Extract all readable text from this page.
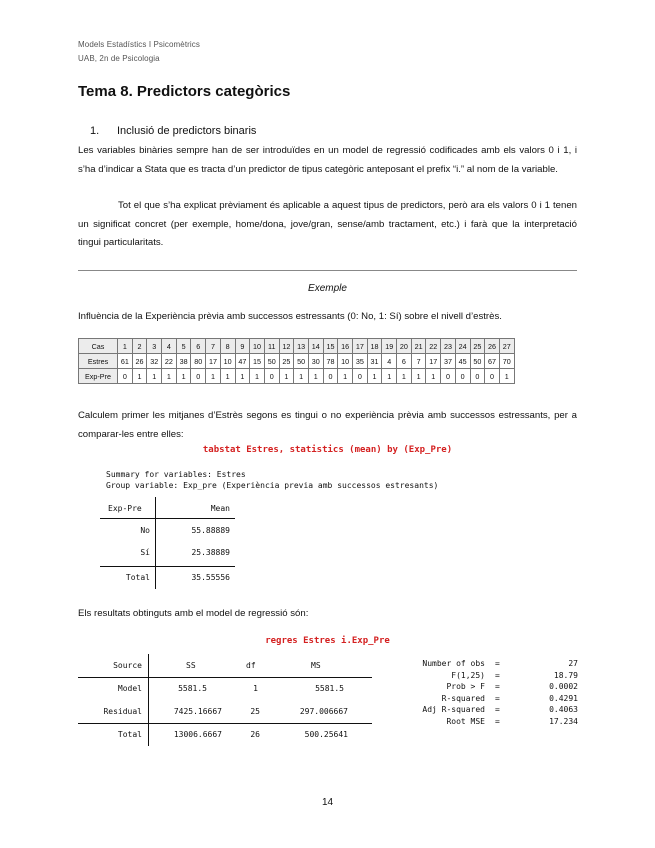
Models Estadístics I Psicomètrics
UAB, 2n de Psicologia
Tema 8. Predictors categòrics
1. Inclusió de predictors binaris
Les variables binàries sempre han de ser introduïdes en un model de regressió codificades amb els valors 0 i 1, i s’ha d’indicar a Stata que es tracta d’un predictor de tipus categòric anteposant el prefix “i.” al nom de la variable.
Tot el que s’ha explicat prèviament és aplicable a aquest tipus de predictors, però ara els valors 0 i 1 tenen un significat concret (per exemple, home/dona, jove/gran, sense/amb tractament, etc.) i farà que la interpretació tingui particularitats.
Exemple
Influència de la Experiència prèvia amb successos estressants (0: No, 1: Sí) sobre el nivell d’estrès.
Cas	1	2	3	4	5	6	7	8	9	10	11	12	13	14	15	16	17	18	19	20	21	22	23	24	25	26	27
Estres	61	26	32	22	38	80	17	10	47	15	50	25	50	30	78	10	35	31	4	6	7	17	37	45	50	67	70
Exp-Pre	0	1	1	1	1	0	1	1	1	1	0	1	1	1	0	1	0	1	1	1	1	1	0	0	0	0	1
Calculem primer les mitjanes d’Estrès segons es tingui o no experiència prèvia amb successos estressants, per a comparar-les entre elles:
tabstat Estres, statistics (mean) by (Exp_Pre)
Summary for variables: Estres
Group variable: Exp_pre (Experiència previa amb successos estresants)
Exp-Pre	Mean
No	55.88889
Sí	25.38889
Total	35.55556
Els resultats obtinguts amb el model de regressió són:
regres Estres i.Exp_Pre
Source	SS	df	MS
Model	5581.5	1	5581.5
Residual	7425.16667	25	297.006667
Total	13006.6667	26	500.25641
Number of obs =	27
F(1,25) =	18.79
Prob > F =	0.0002
R-squared =	0.4291
Adj R-squared =	0.4063
Root MSE =	17.234
14
